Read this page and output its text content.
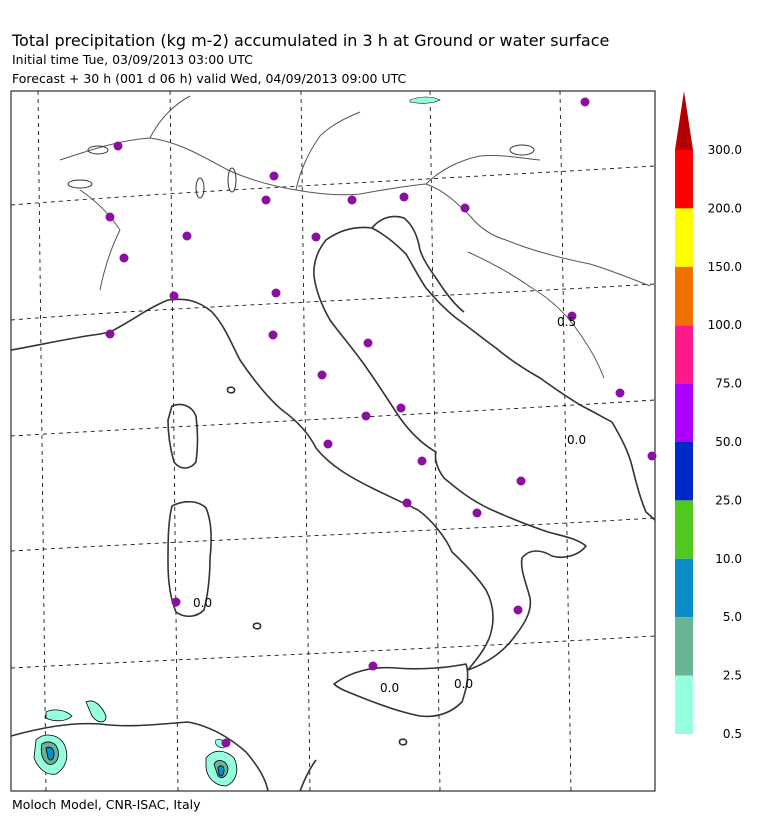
Total precipitation (kg m-2) accumulated in 3 h at Ground or water surface
Initial time Tue, 03/09/2013 03:00 UTC
Forecast + 30 h (001 d 06 h) valid Wed, 04/09/2013 09:00 UTC
0.5
0.0
0.0
0.0	0.0
300.0
200.0
150.0
100.0
75.0
50.0
25.0
10.0
5.0
2.5
0.5
Moloch Model, CNR-ISAC, Italy
